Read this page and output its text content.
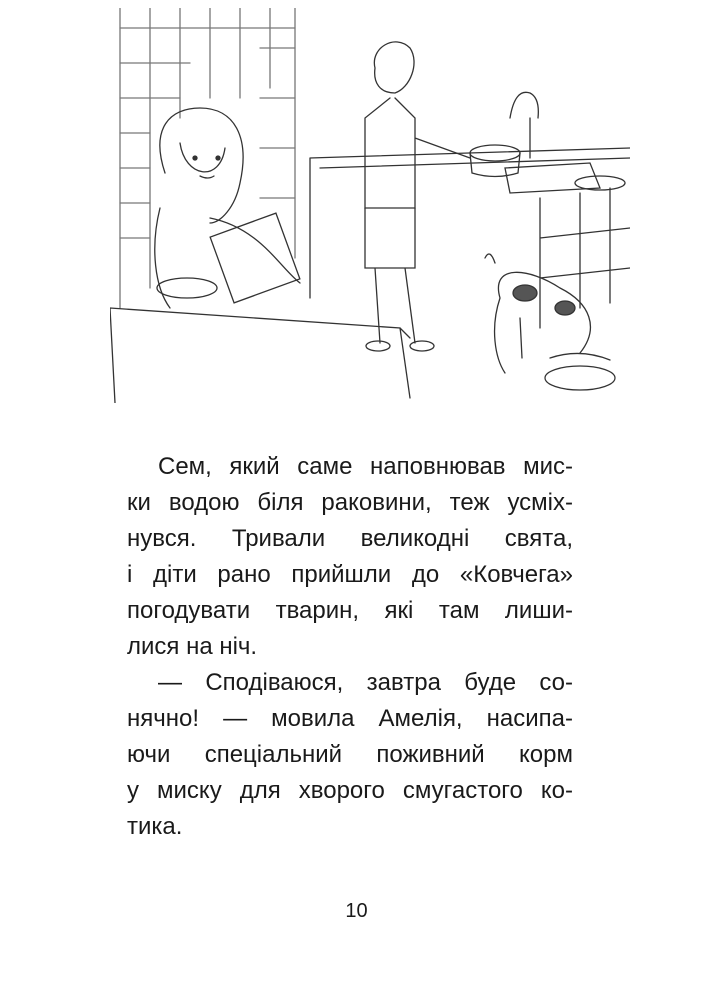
Сем, який саме наповнював мис-
ки водою біля раковини, теж усміх-
нувся. Тривали великодні свята,
і діти рано прийшли до «Ковчега»
погодувати тварин, які там лиши-
лися на ніч.
— Сподіваюся, завтра буде со-
нячно! — мовила Амелія, насипа-
ючи спеціальний поживний корм
у миску для хворого смугастого ко-
тика.
10
